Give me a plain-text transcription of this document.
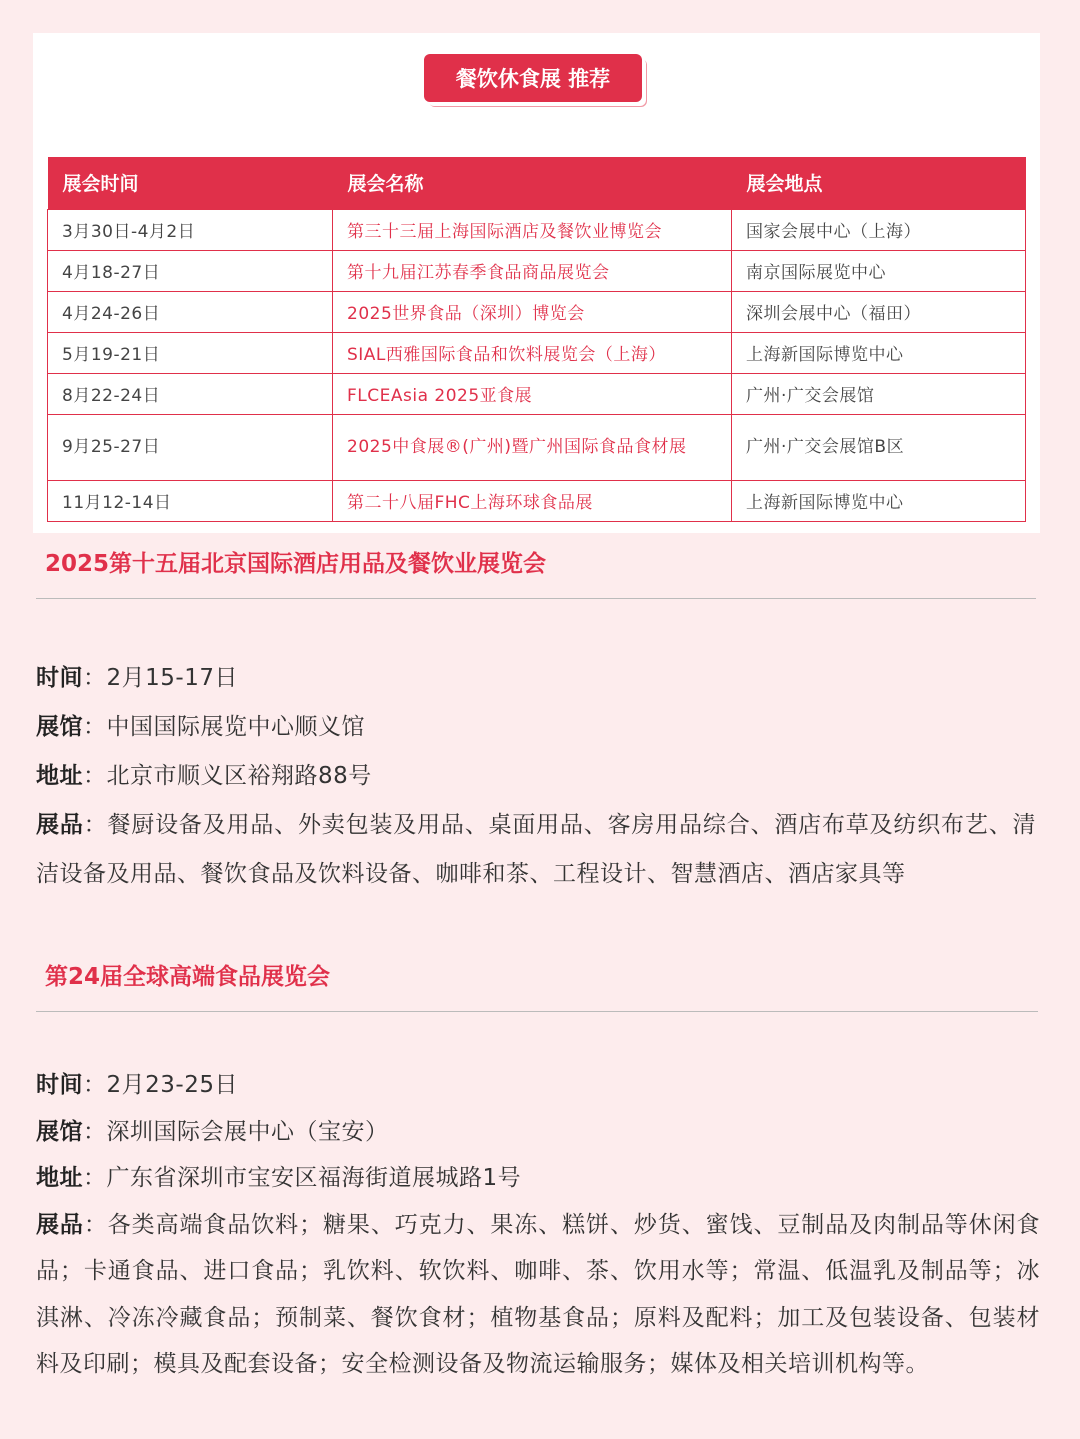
餐饮休食展 推荐
展会时间	展会名称	展会地点
3月30日-4月2日	第三十三届上海国际酒店及餐饮业博览会	国家会展中心（上海）
4月18-27日	第十九届江苏春季食品商品展览会	南京国际展览中心
4月24-26日	2025世界食品（深圳）博览会	深圳会展中心（福田）
5月19-21日	SIAL西雅国际食品和饮料展览会（上海）	上海新国际博览中心
8月22-24日	FLCEAsia 2025亚食展	广州·广交会展馆
9月25-27日	2025中食展®(广州)暨广州国际食品食材展	广州·广交会展馆B区
11月12-14日	第二十八届FHC上海环球食品展	上海新国际博览中心
2025第十五届北京国际酒店用品及餐饮业展览会
时间：2月15-17日
展馆：中国国际展览中心顺义馆
地址：北京市顺义区裕翔路88号
展品：餐厨设备及用品、外卖包装及用品、桌面用品、客房用品综合、酒店布草及纺织布艺、清洁设备及用品、餐饮食品及饮料设备、咖啡和茶、工程设计、智慧酒店、酒店家具等
第24届全球高端食品展览会
时间：2月23-25日
展馆：深圳国际会展中心（宝安）
地址：广东省深圳市宝安区福海街道展城路1号
展品：各类高端食品饮料；糖果、巧克力、果冻、糕饼、炒货、蜜饯、豆制品及肉制品等休闲食品；卡通食品、进口食品；乳饮料、软饮料、咖啡、茶、饮用水等；常温、低温乳及制品等；冰淇淋、冷冻冷藏食品；预制菜、餐饮食材；植物基食品；原料及配料；加工及包装设备、包装材料及印刷；模具及配套设备；安全检测设备及物流运输服务；媒体及相关培训机构等。
